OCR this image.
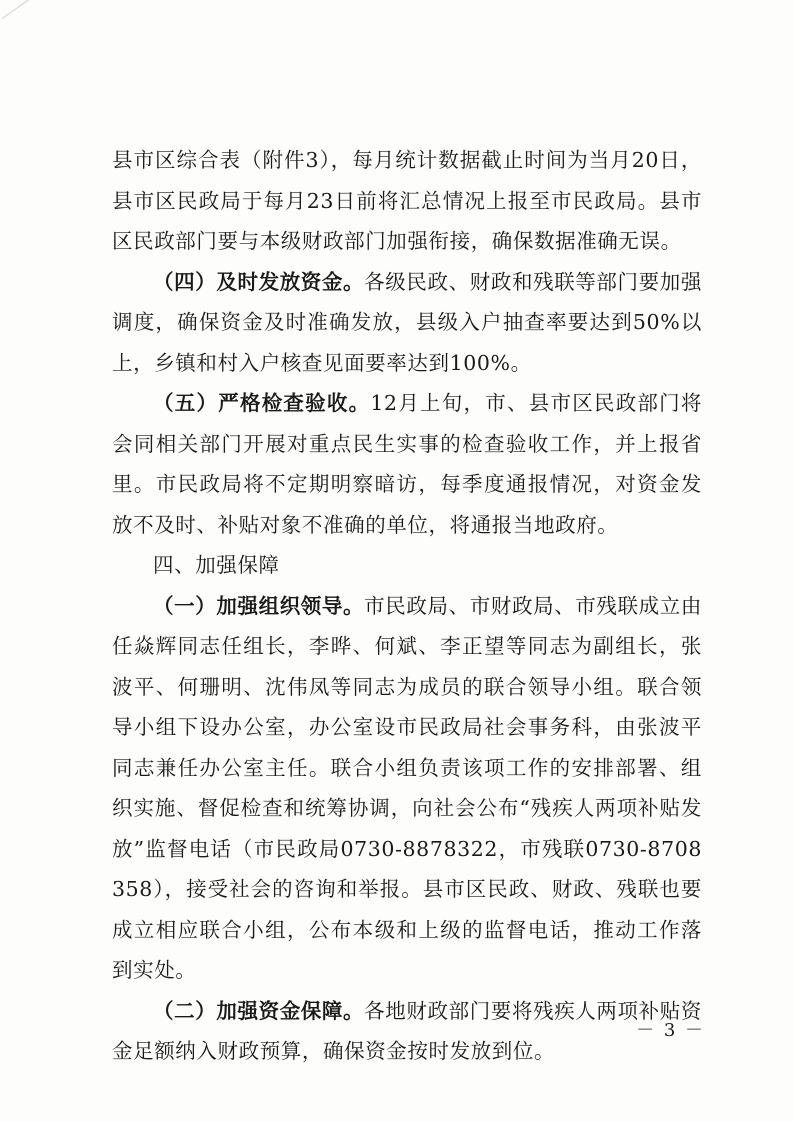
县市区综合表（附件3），每月统计数据截止时间为当月20日，县市区民政局于每月23日前将汇总情况上报至市民政局。县市区民政部门要与本级财政部门加强衔接，确保数据准确无误。

（四）及时发放资金。各级民政、财政和残联等部门要加强调度，确保资金及时准确发放，县级入户抽查率要达到50%以上，乡镇和村入户核查见面要率达到100%。

（五）严格检查验收。12月上旬，市、县市区民政部门将会同相关部门开展对重点民生实事的检查验收工作，并上报省里。市民政局将不定期明察暗访，每季度通报情况，对资金发放不及时、补贴对象不准确的单位，将通报当地政府。

四、加强保障

（一）加强组织领导。市民政局、市财政局、市残联成立由任焱辉同志任组长，李晔、何斌、李正望等同志为副组长，张波平、何珊明、沈伟凤等同志为成员的联合领导小组。联合领导小组下设办公室，办公室设市民政局社会事务科，由张波平同志兼任办公室主任。联合小组负责该项工作的安排部署、组织实施、督促检查和统筹协调，向社会公布“残疾人两项补贴发放”监督电话（市民政局0730-8878322，市残联0730-8708358），接受社会的咨询和举报。县市区民政、财政、残联也要成立相应联合小组，公布本级和上级的监督电话，推动工作落到实处。

（二）加强资金保障。各地财政部门要将残疾人两项补贴资金足额纳入财政预算，确保资金按时发放到位。

－ 3 －
